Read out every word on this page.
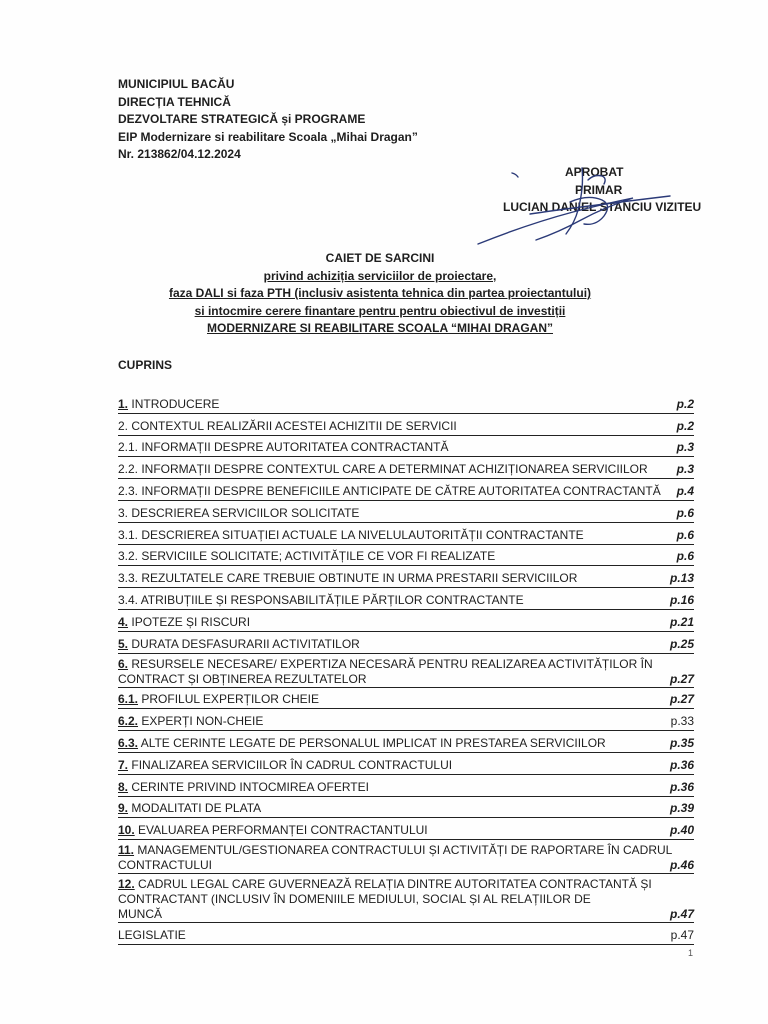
MUNICIPIUL BACĂU
DIRECȚIA TEHNICĂ
DEZVOLTARE STRATEGICĂ și PROGRAME
EIP Modernizare si reabilitare Scoala „Mihai Dragan”
Nr. 213862/04.12.2024
APROBAT
PRIMAR
LUCIAN DANIEL STANCIU VIZITEU
CAIET DE SARCINI
privind achiziția serviciilor de proiectare,
faza DALI si faza PTH (inclusiv asistenta tehnica din partea proiectantului)
si intocmire cerere finantare pentru pentru obiectivul de investiții
MODERNIZARE SI REABILITARE SCOALA “MIHAI DRAGAN”
CUPRINS
1. INTRODUCERE	p.2
2. CONTEXTUL REALIZĂRII ACESTEI ACHIZITII DE SERVICII	p.2
2.1. INFORMAȚII DESPRE AUTORITATEA CONTRACTANTĂ	p.3
2.2. INFORMAȚII DESPRE CONTEXTUL CARE A DETERMINAT ACHIZIȚIONAREA SERVICIILOR p.3
2.3. INFORMAȚII DESPRE BENEFICIILE ANTICIPATE DE CĂTRE AUTORITATEA CONTRACTANTĂ p.4
3. DESCRIEREA SERVICIILOR SOLICITATE	p.6
3.1. DESCRIEREA SITUAȚIEI ACTUALE LA NIVELULAUTORITĂȚII CONTRACTANTE	p.6
3.2. SERVICIILE SOLICITATE; ACTIVITĂȚILE CE VOR FI REALIZATE	p.6
3.3. REZULTATELE CARE TREBUIE OBTINUTE IN URMA PRESTARII SERVICIILOR	p.13
3.4. ATRIBUȚIILE ȘI RESPONSABILITĂȚILE PĂRȚILOR CONTRACTANTE	p.16
4. IPOTEZE ȘI RISCURI	p.21
5. DURATA DESFASURARII ACTIVITATILOR	p.25
6. RESURSELE NECESARE/ EXPERTIZA NECESARĂ PENTRU REALIZAREA ACTIVITĂȚILOR ÎN
CONTRACT ȘI OBȚINEREA REZULTATELOR	p.27
6.1. PROFILUL EXPERȚILOR CHEIE	p.27
6.2. EXPERȚI NON-CHEIE	p.33
6.3. ALTE CERINTE LEGATE DE PERSONALUL IMPLICAT IN PRESTAREA SERVICIILOR	p.35
7. FINALIZAREA SERVICIILOR ÎN CADRUL CONTRACTULUI	p.36
8. CERINTE PRIVIND INTOCMIREA OFERTEI	p.36
9. MODALITATI DE PLATA	p.39
10. EVALUAREA PERFORMANȚEI CONTRACTANTULUI	p.40
11. MANAGEMENTUL/GESTIONAREA CONTRACTULUI ȘI ACTIVITĂȚI DE RAPORTARE ÎN CADRUL
CONTRACTULUI	p.46
12. CADRUL LEGAL CARE GUVERNEAZĂ RELAȚIA DINTRE AUTORITATEA CONTRACTANTĂ ȘI
CONTRACTANT (INCLUSIV ÎN DOMENIILE MEDIULUI, SOCIAL ȘI AL RELAȚIILOR DE
MUNCĂ	p.47
LEGISLATIE	p.47
1
